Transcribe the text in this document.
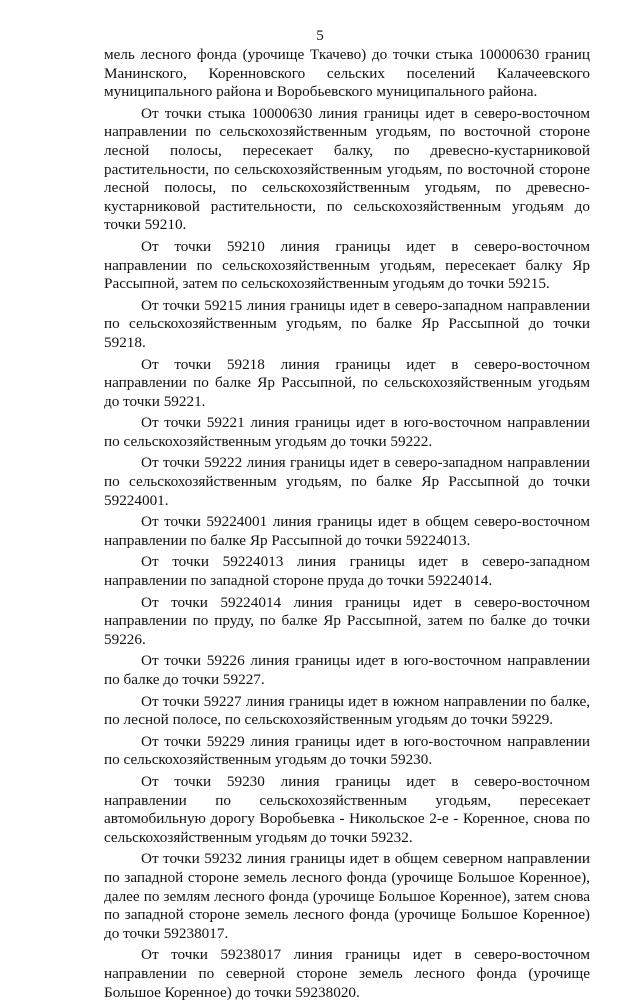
5

мель лесного фонда (урочище Ткачево) до точки стыка 10000630 границ Манинского, Коренновского сельских поселений Калачеевского муниципального района и Воробьевского муниципального района.

От точки стыка 10000630 линия границы идет в северо-восточном направлении по сельскохозяйственным угодьям, по восточной стороне лесной полосы, пересекает балку, по древесно-кустарниковой растительности, по сельскохозяйственным угодьям, по восточной стороне лесной полосы, по сельскохозяйственным угодьям, по древесно-кустарниковой растительности, по сельскохозяйственным угодьям до точки 59210.

От точки 59210 линия границы идет в северо-восточном направлении по сельскохозяйственным угодьям, пересекает балку Яр Рассыпной, затем по сельскохозяйственным угодьям до точки 59215.

От точки 59215 линия границы идет в северо-западном направлении по сельскохозяйственным угодьям, по балке Яр Рассыпной до точки 59218.

От точки 59218 линия границы идет в северо-восточном направлении по балке Яр Рассыпной, по сельскохозяйственным угодьям до точки 59221.

От точки 59221 линия границы идет в юго-восточном направлении по сельскохозяйственным угодьям до точки 59222.

От точки 59222 линия границы идет в северо-западном направлении по сельскохозяйственным угодьям, по балке Яр Рассыпной до точки 59224001.

От точки 59224001 линия границы идет в общем северо-восточном направлении по балке Яр Рассыпной до точки 59224013.

От точки 59224013 линия границы идет в северо-западном направлении по западной стороне пруда до точки 59224014.

От точки 59224014 линия границы идет в северо-восточном направлении по пруду, по балке Яр Рассыпной, затем по балке до точки 59226.

От точки 59226 линия границы идет в юго-восточном направлении по балке до точки 59227.

От точки 59227 линия границы идет в южном направлении по балке, по лесной полосе, по сельскохозяйственным угодьям до точки 59229.

От точки 59229 линия границы идет в юго-восточном направлении по сельскохозяйственным угодьям до точки 59230.

От точки 59230 линия границы идет в северо-восточном направлении по сельскохозяйственным угодьям, пересекает автомобильную дорогу Воробьевка - Никольское 2-е - Коренное, снова по сельскохозяйственным угодьям до точки 59232.

От точки 59232 линия границы идет в общем северном направлении по западной стороне земель лесного фонда (урочище Большое Коренное), далее по землям лесного фонда (урочище Большое Коренное), затем снова по западной стороне земель лесного фонда (урочище Большое Коренное) до точки 59238017.

От точки 59238017 линия границы идет в северо-восточном направлении по северной стороне земель лесного фонда (урочище Большое Коренное) до точки 59238020.
